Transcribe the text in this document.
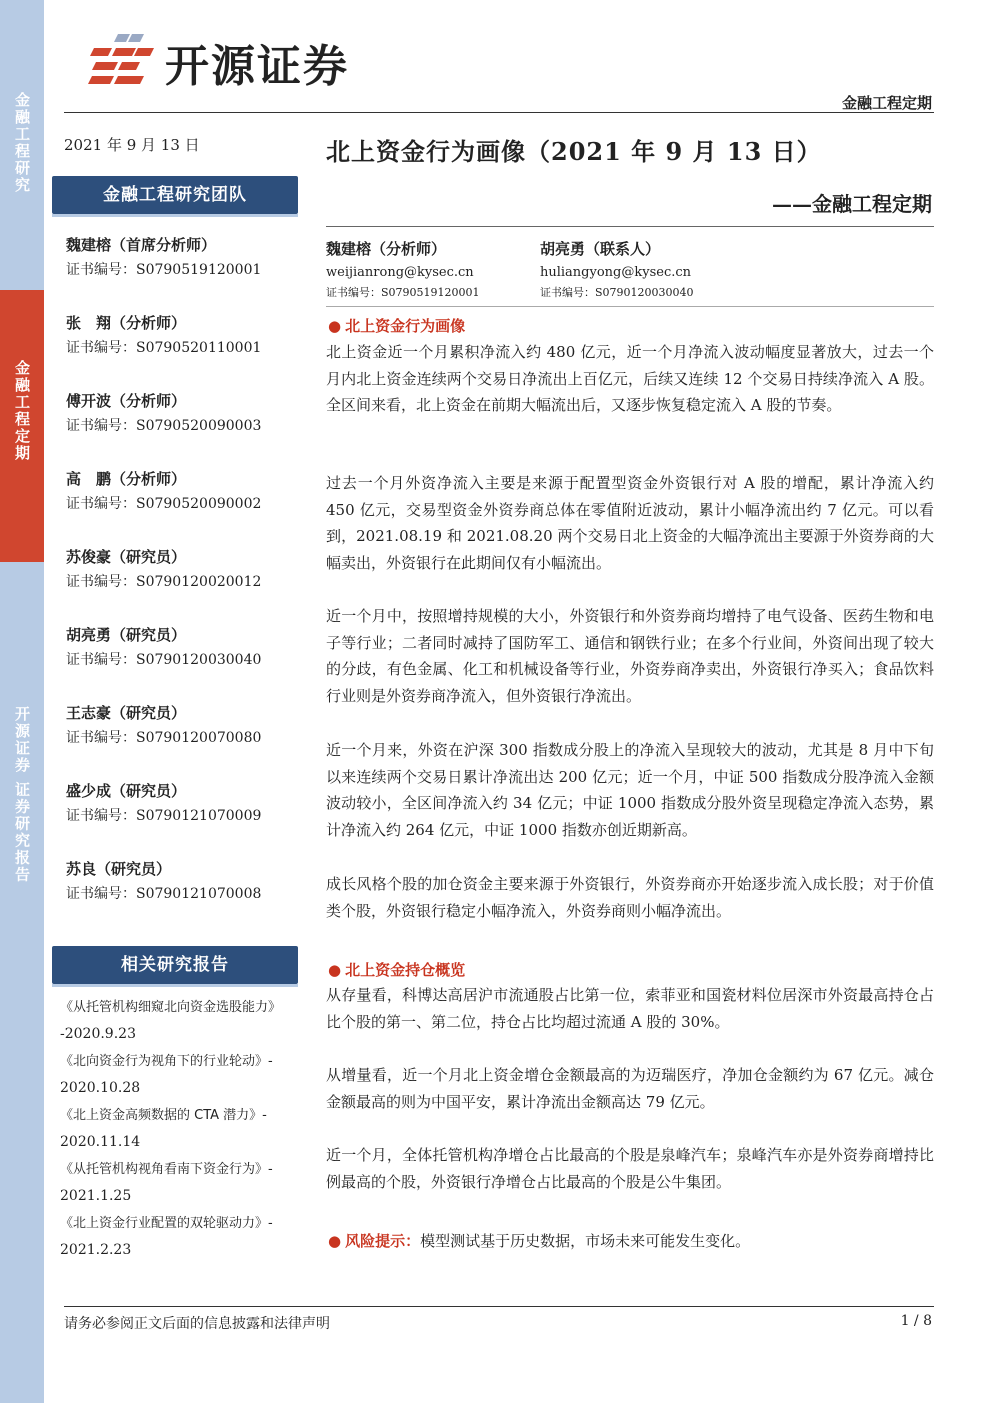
金融工程研究
金融工程定期
开源证券 证券研究报告
开源证券
金融工程定期
2021 年 9 月 13 日
金融工程研究团队
魏建榕（首席分析师）
证书编号：S0790519120001
张　翔（分析师）
证书编号：S0790520110001
傅开波（分析师）
证书编号：S0790520090003
高　鹏（分析师）
证书编号：S0790520090002
苏俊豪（研究员）
证书编号：S0790120020012
胡亮勇（研究员）
证书编号：S0790120030040
王志豪（研究员）
证书编号：S0790120070080
盛少成（研究员）
证书编号：S0790121070009
苏良（研究员）
证书编号：S0790121070008
相关研究报告
《从托管机构细窥北向资金选股能力》
-2020.9.23
《北向资金行为视角下的行业轮动》-
2020.10.28
《北上资金高频数据的 CTA 潜力》-
2020.11.14
《从托管机构视角看南下资金行为》-
2021.1.25
《北上资金行业配置的双轮驱动力》-
2021.2.23
北上资金行为画像（2021 年 9 月 13 日）
——金融工程定期
魏建榕（分析师）
weijianrong@kysec.cn
证书编号：S0790519120001
胡亮勇（联系人）
huliangyong@kysec.cn
证书编号：S0790120030040
● 北上资金行为画像
北上资金近一个月累积净流入约 480 亿元，近一个月净流入波动幅度显著放大，过去一个月内北上资金连续两个交易日净流出上百亿元，后续又连续 12 个交易日持续净流入 A 股。全区间来看，北上资金在前期大幅流出后，又逐步恢复稳定流入 A 股的节奏。
过去一个月外资净流入主要是来源于配置型资金外资银行对 A 股的增配，累计净流入约 450 亿元，交易型资金外资券商总体在零值附近波动，累计小幅净流出约 7 亿元。可以看到，2021.08.19 和 2021.08.20 两个交易日北上资金的大幅净流出主要源于外资券商的大幅卖出，外资银行在此期间仅有小幅流出。
近一个月中，按照增持规模的大小，外资银行和外资券商均增持了电气设备、医药生物和电子等行业；二者同时减持了国防军工、通信和钢铁行业；在多个行业间，外资间出现了较大的分歧，有色金属、化工和机械设备等行业，外资券商净卖出，外资银行净买入；食品饮料行业则是外资券商净流入，但外资银行净流出。
近一个月来，外资在沪深 300 指数成分股上的净流入呈现较大的波动，尤其是 8 月中下旬以来连续两个交易日累计净流出达 200 亿元；近一个月，中证 500 指数成分股净流入金额波动较小，全区间净流入约 34 亿元；中证 1000 指数成分股外资呈现稳定净流入态势，累计净流入约 264 亿元，中证 1000 指数亦创近期新高。
成长风格个股的加仓资金主要来源于外资银行，外资券商亦开始逐步流入成长股；对于价值类个股，外资银行稳定小幅净流入，外资券商则小幅净流出。
● 北上资金持仓概览
从存量看，科博达高居沪市流通股占比第一位，索菲亚和国瓷材料位居深市外资最高持仓占比个股的第一、第二位，持仓占比均超过流通 A 股的 30%。
从增量看，近一个月北上资金增仓金额最高的为迈瑞医疗，净加仓金额约为 67 亿元。减仓金额最高的则为中国平安，累计净流出金额高达 79 亿元。
近一个月，全体托管机构净增仓占比最高的个股是泉峰汽车；泉峰汽车亦是外资券商增持比例最高的个股，外资银行净增仓占比最高的个股是公牛集团。
● 风险提示：模型测试基于历史数据，市场未来可能发生变化。
请务必参阅正文后面的信息披露和法律声明	1 / 8
